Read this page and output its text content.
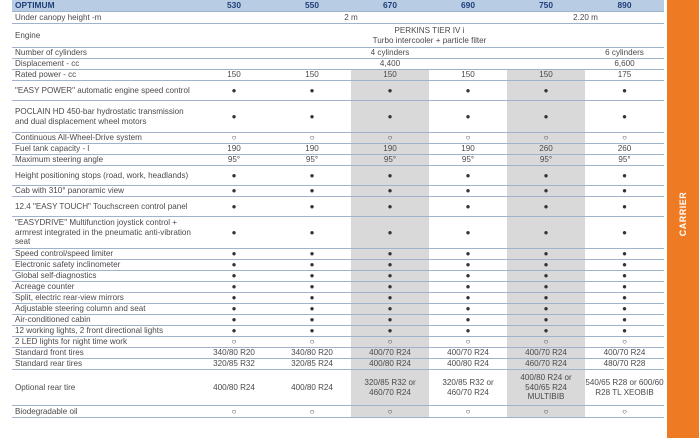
OPTIMUM	530	550	670	690	750	890
Under canopy height -m	2 m				2.20 m	
Engine	PERKINS TIER IV i
Turbo intercooler + particle filter					

Number of cylinders	4 cylinders					6 cylinders
Displacement - cc	4,400					6,600
Rated power - cc	150	150	150	150	150	175
"EASY POWER" automatic engine speed control	●	●	●	●	●	●
POCLAIN HD 450-bar hydrostatic transmission and dual displacement wheel motors	●	●	●	●	●	●
Continuous All-Wheel-Drive system	○	○	○	○	○	○
Fuel tank capacity - l	190	190	190	190	260	260
Maximum steering angle	95°	95°	95°	95°	95°	95°
Height positioning stops (road, work, headlands)	●	●	●	●	●	●
Cab with 310° panoramic view	●	●	●	●	●	●
12.4 "EASY TOUCH" Touchscreen control panel	●	●	●	●	●	●
"EASYDRIVE" Multifunction joystick control + armrest integrated in the pneumatic anti-vibration seat	●	●	●	●	●	●
Speed control/speed limiter	●	●	●	●	●	●
Electronic safety inclinometer	●	●	●	●	●	●
Global self-diagnostics	●	●	●	●	●	●
Acreage counter	●	●	●	●	●	●
Split, electric rear-view mirrors	●	●	●	●	●	●
Adjustable steering column and seat	●	●	●	●	●	●
Air-conditioned cabin	●	●	●	●	●	●
12 working lights, 2 front directional lights	●	●	●	●	●	●
2 LED lights for night time work	○	○	○	○	○	○
Standard front tires	340/80 R20	340/80 R20	400/70 R24	400/70 R24	400/70 R24	400/70 R24
Standard rear tires	320/85 R32	320/85 R24	400/80 R24	400/80 R24	460/70 R24	480/70 R28
Optional rear tire	400/80 R24	400/80 R24	320/85 R32 or 460/70 R24	320/85 R32 or 460/70 R24	400/80 R24 or 540/65 R24 MULTIBIB	540/65 R28 or 600/60 R28 TL XEOBIB
Biodegradable oil	○	○	○	○	○	○
CARRIER
